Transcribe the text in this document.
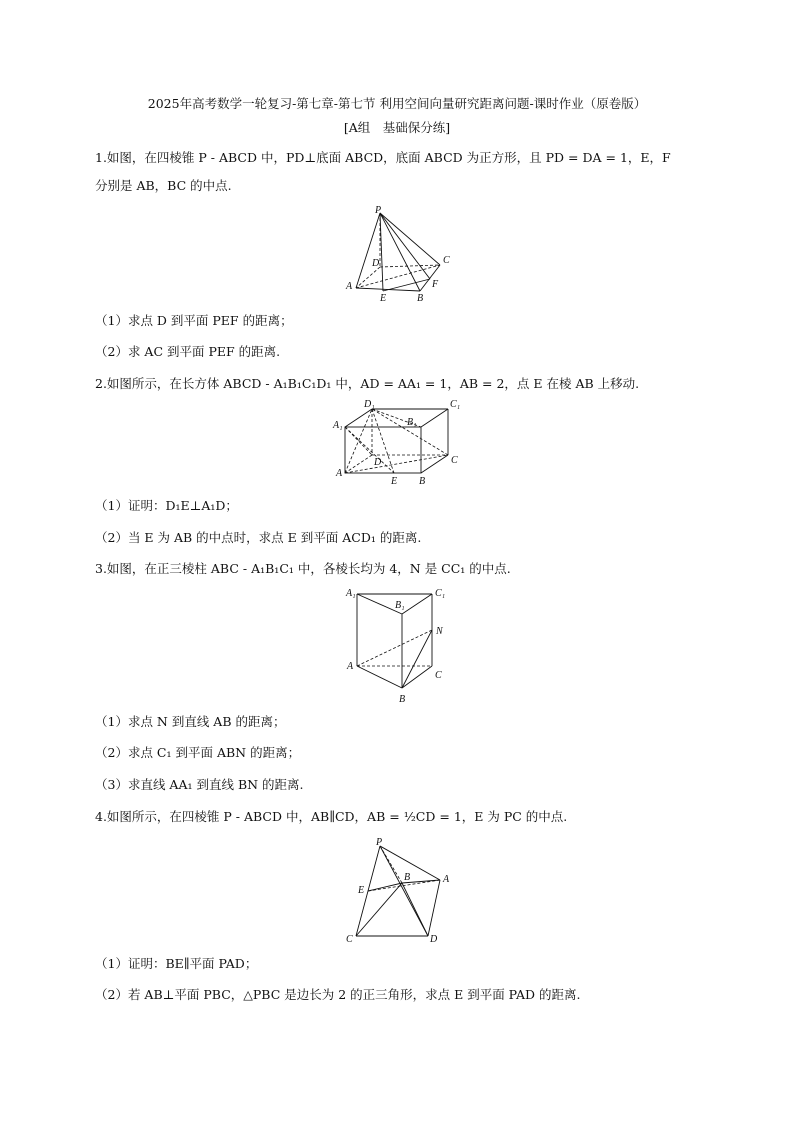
2025年高考数学一轮复习-第七章-第七节 利用空间向量研究距离问题-课时作业（原卷版）
[A组　基础保分练]
1.如图，在四棱锥 P - ABCD 中，PD⊥底面 ABCD，底面 ABCD 为正方形，且 PD = DA = 1，E，F
分别是 AB，BC 的中点.
P
D	C
A
E	B
F
（1）求点 D 到平面 PEF 的距离；
（2）求 AC 到平面 PEF 的距离.
2.如图所示，在长方体 ABCD - A₁B₁C₁D₁ 中，AD = AA₁ = 1，AB = 2，点 E 在棱 AB 上移动.
D₁	C₁
A₁	B₁
D	C
A
E B
（1）证明：D₁E⊥A₁D；
（2）当 E 为 AB 的中点时，求点 E 到平面 ACD₁ 的距离.
3.如图，在正三棱柱 ABC - A₁B₁C₁ 中，各棱长均为 4，N 是 CC₁ 的中点.
A₁
B₁
C₁
N
A
C
B
（1）求点 N 到直线 AB 的距离；
（2）求点 C₁ 到平面 ABN 的距离；
（3）求直线 AA₁ 到直线 BN 的距离.
4.如图所示，在四棱锥 P - ABCD 中，AB∥CD，AB = ½CD = 1，E 为 PC 的中点.
P
E
B	A
C	D
（1）证明：BE∥平面 PAD；
（2）若 AB⊥平面 PBC，△PBC 是边长为 2 的正三角形，求点 E 到平面 PAD 的距离.
